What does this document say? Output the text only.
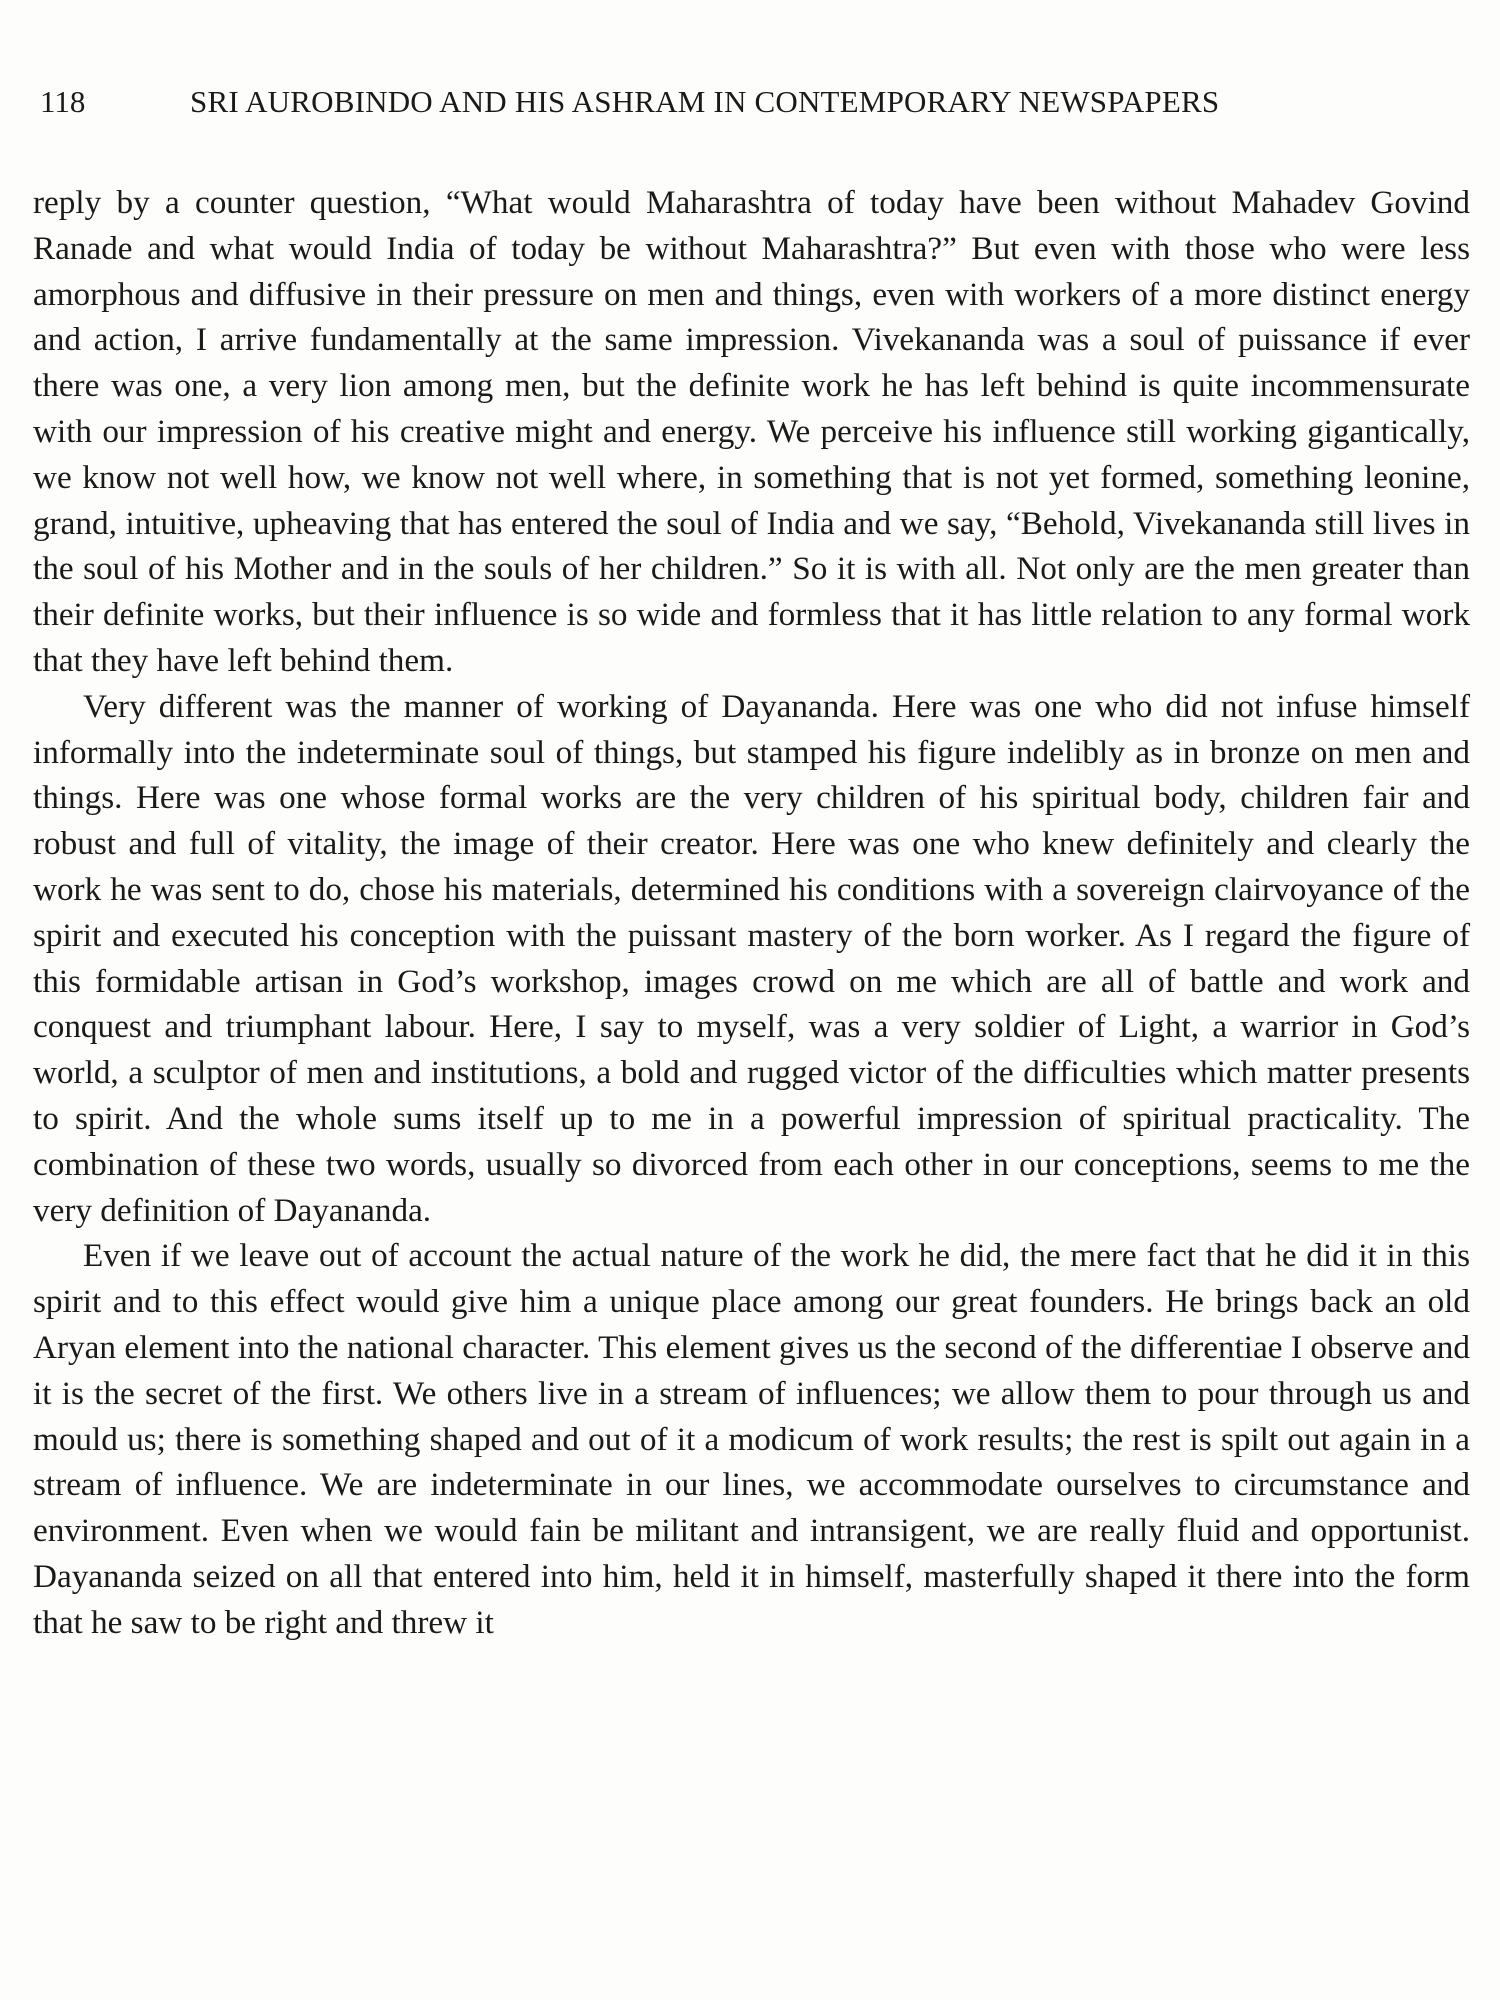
118	SRI AUROBINDO AND HIS ASHRAM IN CONTEMPORARY NEWSPAPERS

reply by a counter question, “What would Maharashtra of today have been without Mahadev Govind Ranade and what would India of today be without Maharashtra?” But even with those who were less amorphous and diffusive in their pressure on men and things, even with workers of a more distinct energy and action, I arrive fundamentally at the same impression. Vivekananda was a soul of puissance if ever there was one, a very lion among men, but the definite work he has left behind is quite incommensurate with our impression of his creative might and energy. We perceive his influence still working gigantically, we know not well how, we know not well where, in something that is not yet formed, something leonine, grand, intuitive, upheaving that has entered the soul of India and we say, “Behold, Vivekananda still lives in the soul of his Mother and in the souls of her children.” So it is with all. Not only are the men greater than their definite works, but their influence is so wide and formless that it has little relation to any formal work that they have left behind them.

Very different was the manner of working of Dayananda. Here was one who did not infuse himself informally into the indeterminate soul of things, but stamped his figure indelibly as in bronze on men and things. Here was one whose formal works are the very children of his spiritual body, children fair and robust and full of vitality, the image of their creator. Here was one who knew definitely and clearly the work he was sent to do, chose his materials, determined his conditions with a sovereign clairvoyance of the spirit and executed his conception with the puissant mastery of the born worker. As I regard the figure of this formidable artisan in God’s workshop, images crowd on me which are all of battle and work and conquest and triumphant labour. Here, I say to myself, was a very soldier of Light, a warrior in God’s world, a sculptor of men and institutions, a bold and rugged victor of the difficulties which matter presents to spirit. And the whole sums itself up to me in a powerful impression of spiritual practicality. The combination of these two words, usually so divorced from each other in our conceptions, seems to me the very definition of Dayananda.

Even if we leave out of account the actual nature of the work he did, the mere fact that he did it in this spirit and to this effect would give him a unique place among our great founders. He brings back an old Aryan element into the national character. This element gives us the second of the differentiae I observe and it is the secret of the first. We others live in a stream of influences; we allow them to pour through us and mould us; there is something shaped and out of it a modicum of work results; the rest is spilt out again in a stream of influence. We are indeterminate in our lines, we accommodate ourselves to circumstance and environment. Even when we would fain be militant and intransigent, we are really fluid and opportunist. Dayananda seized on all that entered into him, held it in himself, masterfully shaped it there into the form that he saw to be right and threw it
